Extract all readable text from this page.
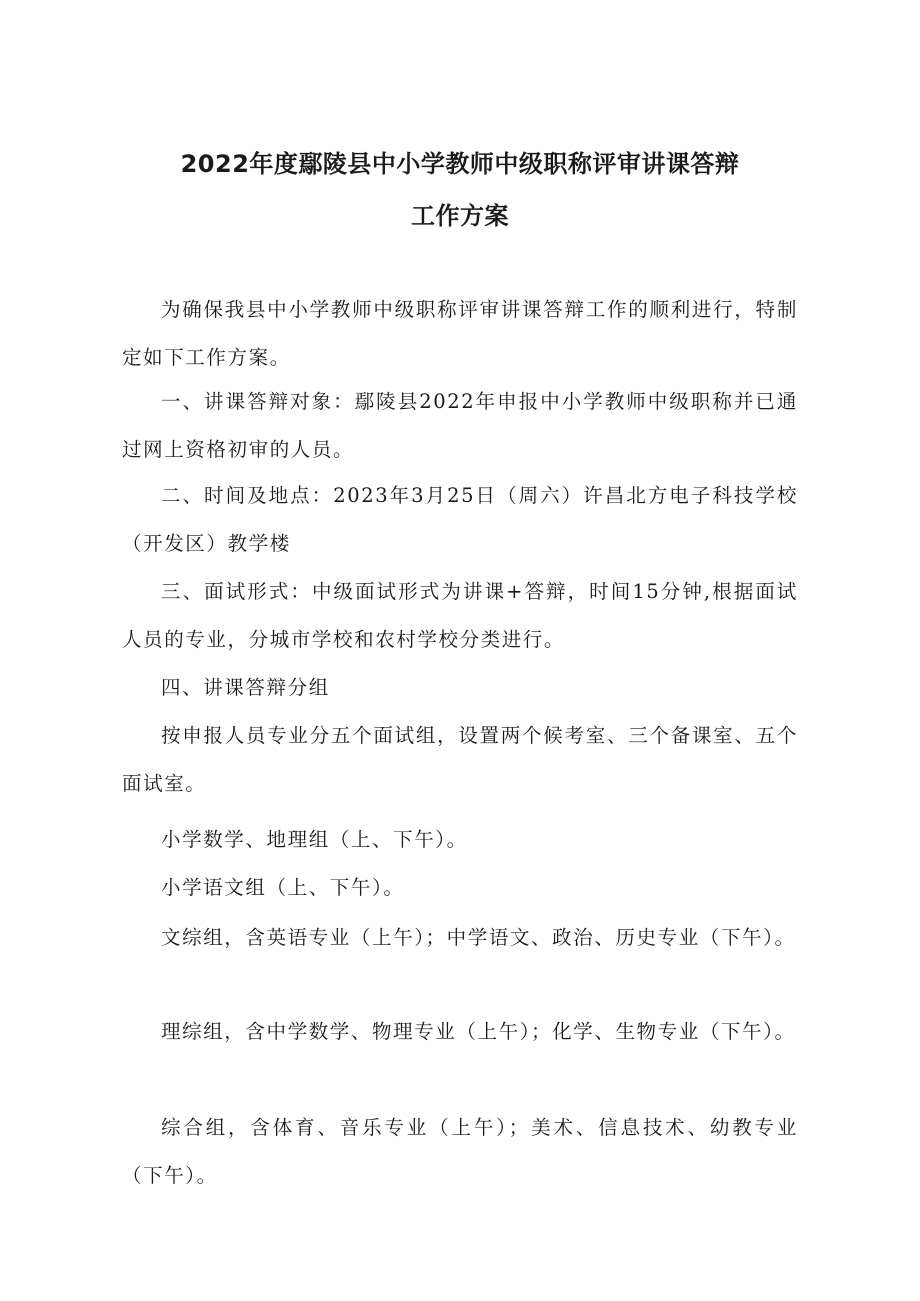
2022年度鄢陵县中小学教师中级职称评审讲课答辩
工作方案

为确保我县中小学教师中级职称评审讲课答辩工作的顺利进行，特制定如下工作方案。

一、讲课答辩对象：鄢陵县2022年申报中小学教师中级职称并已通过网上资格初审的人员。

二、时间及地点：2023年3月25日（周六）许昌北方电子科技学校（开发区）教学楼

三、面试形式：中级面试形式为讲课+答辩，时间15分钟,根据面试人员的专业，分城市学校和农村学校分类进行。

四、讲课答辩分组

按申报人员专业分五个面试组，设置两个候考室、三个备课室、五个面试室。

小学数学、地理组（上、下午）。

小学语文组（上、下午）。

文综组，含英语专业（上午）；中学语文、政治、历史专业（下午）。

理综组，含中学数学、物理专业（上午）；化学、生物专业（下午）。

综合组，含体育、音乐专业（上午）；美术、信息技术、幼教专业（下午）。
